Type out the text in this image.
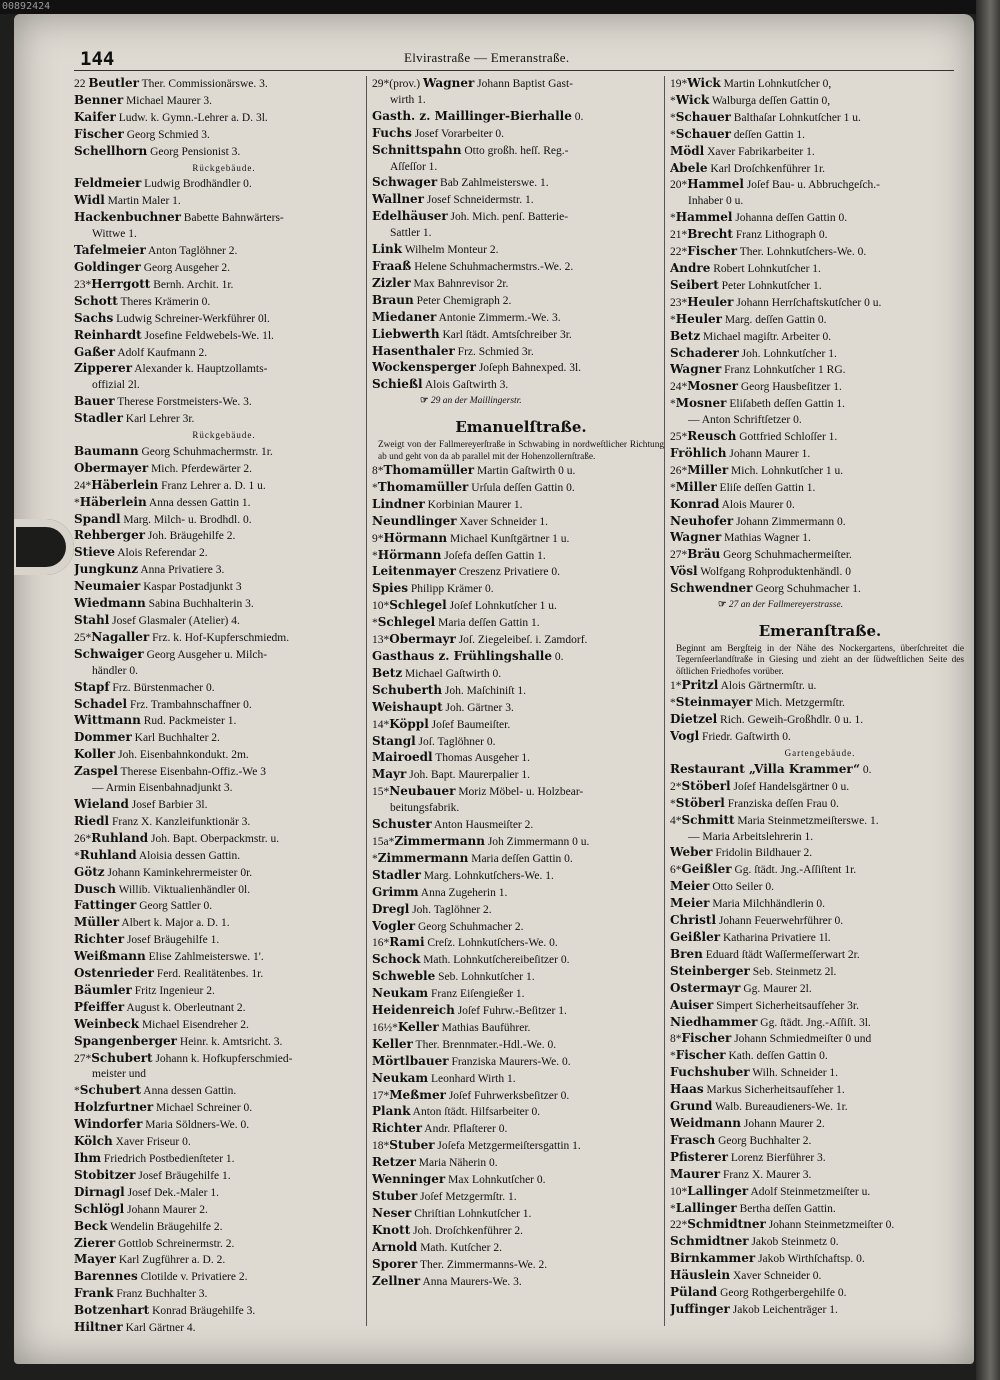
00892424
144	Elvirastraße — Emeranstraße.
22 Beutler Ther. Commissionärswe. 3.
Benner Michael Maurer 3.
Kaifer Ludw. k. Gymn.-Lehrer a. D. 3l.
Fischer Georg Schmied 3.
Schellhorn Georg Pensionist 3.
Rückgebäude.
Feldmeier Ludwig Brodhändler 0.
Widl Martin Maler 1.
Hackenbuchner Babette Bahnwärters-
Wittwe 1.
Tafelmeier Anton Taglöhner 2.
Goldinger Georg Ausgeher 2.
23*Herrgott Bernh. Archit. 1r.
Schott Theres Krämerin 0.
Sachs Ludwig Schreiner-Werkführer 0l.
Reinhardt Josefine Feldwebels-We. 1l.
Gaßer Adolf Kaufmann 2.
Zipperer Alexander k. Hauptzollamts-
offizial 2l.
Bauer Therese Forstmeisters-We. 3.
Stadler Karl Lehrer 3r.
Rückgebäude.
Baumann Georg Schuhmachermstr. 1r.
Obermayer Mich. Pferdewärter 2.
24*Häberlein Franz Lehrer a. D. 1 u.
*Häberlein Anna dessen Gattin 1.
Spandl Marg. Milch- u. Brodhdl. 0.
Rehberger Joh. Bräugehilfe 2.
Stieve Alois Referendar 2.
Jungkunz Anna Privatiere 3.
Neumaier Kaspar Postadjunkt 3
Wiedmann Sabina Buchhalterin 3.
Stahl Josef Glasmaler (Atelier) 4.
25*Nagaller Frz. k. Hof-Kupferschmiedm.
Schwaiger Georg Ausgeher u. Milch-
händler 0.
Stapf Frz. Bürstenmacher 0.
Schadel Frz. Trambahnschaffner 0.
Wittmann Rud. Packmeister 1.
Dommer Karl Buchhalter 2.
Koller Joh. Eisenbahnkondukt. 2m.
Zaspel Therese Eisenbahn-Offiz.-We 3
— Armin Eisenbahnadjunkt 3.
Wieland Josef Barbier 3l.
Riedl Franz X. Kanzleifunktionär 3.
26*Ruhland Joh. Bapt. Oberpackmstr. u.
*Ruhland Aloisia dessen Gattin.
Götz Johann Kaminkehrermeister 0r.
Dusch Willib. Viktualienhändler 0l.
Fattinger Georg Sattler 0.
Müller Albert k. Major a. D. 1.
Richter Josef Bräugehilfe 1.
Weißmann Elise Zahlmeisterswe. 1'.
Ostenrieder Ferd. Realitätenbes. 1r.
Bäumler Fritz Ingenieur 2.
Pfeiffer August k. Oberleutnant 2.
Weinbeck Michael Eisendreher 2.
Spangenberger Heinr. k. Amtsricht. 3.
27*Schubert Johann k. Hofkupferschmied-
meister und
*Schubert Anna dessen Gattin.
Holzfurtner Michael Schreiner 0.
Windorfer Maria Söldners-We. 0.
Kölch Xaver Friseur 0.
Ihm Friedrich Postbedienſteter 1.
Stobitzer Josef Bräugehilfe 1.
Dirnagl Josef Dek.-Maler 1.
Schlögl Johann Maurer 2.
Beck Wendelin Bräugehilfe 2.
Zierer Gottlob Schreinermstr. 2.
Mayer Karl Zugführer a. D. 2.
Barennes Clotilde v. Privatiere 2.
Frank Franz Buchhalter 3.
Botzenhart Konrad Bräugehilfe 3.
Hiltner Karl Gärtner 4.
29*(prov.) Wagner Johann Baptist Gast-
wirth 1.
Gasth. z. Maillinger-Bierhalle 0.
Fuchs Josef Vorarbeiter 0.
Schnittspahn Otto großh. heſſ. Reg.-
Aſſeſſor 1.
Schwager Bab Zahlmeisterswe. 1.
Wallner Josef Schneidermstr. 1.
Edelhäuser Joh. Mich. penſ. Batterie-
Sattler 1.
Link Wilhelm Monteur 2.
Fraaß Helene Schuhmachermstrs.-We. 2.
Zizler Max Bahnrevisor 2r.
Braun Peter Chemigraph 2.
Miedaner Antonie Zimmerm.-We. 3.
Liebwerth Karl ſtädt. Amtsſchreiber 3r.
Hasenthaler Frz. Schmied 3r.
Wockensperger Joſeph Bahnexped. 3l.
Schießl Alois Gaſtwirth 3.
☞ 29 an der Maillingerstr.
Emanuelſtraße.
Zweigt von der Fallmereyerſtraße in Schwabing in nordweſtlicher Richtung ab und geht von da ab parallel mit der Hohenzollernſtraße.
8*Thomamüller Martin Gaſtwirth 0 u.
*Thomamüller Urſula deſſen Gattin 0.
Lindner Korbinian Maurer 1.
Neundlinger Xaver Schneider 1.
9*Hörmann Michael Kunſtgärtner 1 u.
*Hörmann Joſefa deſſen Gattin 1.
Leitenmayer Creszenz Privatiere 0.
Spies Philipp Krämer 0.
10*Schlegel Joſef Lohnkutſcher 1 u.
*Schlegel Maria deſſen Gattin 1.
13*Obermayr Joſ. Ziegeleibeſ. i. Zamdorf.
Gasthaus z. Frühlingshalle 0.
Betz Michael Gaſtwirth 0.
Schuberth Joh. Maſchiniſt 1.
Weishaupt Joh. Gärtner 3.
14*Köppl Joſef Baumeiſter.
Stangl Joſ. Taglöhner 0.
Mairoedl Thomas Ausgeher 1.
Mayr Joh. Bapt. Maurerpalier 1.
15*Neubauer Moriz Möbel- u. Holzbear-
beitungsfabrik.
Schuster Anton Hausmeiſter 2.
15a*Zimmermann Joh Zimmermann 0 u.
*Zimmermann Maria deſſen Gattin 0.
Stadler Marg. Lohnkutſchers-We. 1.
Grimm Anna Zugeherin 1.
Dregl Joh. Taglöhner 2.
Vogler Georg Schuhmacher 2.
16*Rami Creſz. Lohnkutſchers-We. 0.
Schock Math. Lohnkutſchereibeſitzer 0.
Schweble Seb. Lohnkutſcher 1.
Neukam Franz Eiſengießer 1.
Heidenreich Joſef Fuhrw.-Beſitzer 1.
16½*Keller Mathias Bauführer.
Keller Ther. Brennmater.-Hdl.-We. 0.
Mörtlbauer Franziska Maurers-We. 0.
Neukam Leonhard Wirth 1.
17*Meßmer Joſef Fuhrwerksbeſitzer 0.
Plank Anton ſtädt. Hilfsarbeiter 0.
Richter Andr. Pflaſterer 0.
18*Stuber Joſefa Metzgermeiſtersgattin 1.
Retzer Maria Näherin 0.
Wenninger Max Lohnkutſcher 0.
Stuber Joſef Metzgermſtr. 1.
Neser Chriſtian Lohnkutſcher 1.
Knott Joh. Droſchkenführer 2.
Arnold Math. Kutſcher 2.
Sporer Ther. Zimmermanns-We. 2.
Zellner Anna Maurers-We. 3.
19*Wick Martin Lohnkutſcher 0,
*Wick Walburga deſſen Gattin 0,
*Schauer Balthaſar Lohnkutſcher 1 u.
*Schauer deſſen Gattin 1.
Mödl Xaver Fabrikarbeiter 1.
Abele Karl Droſchkenführer 1r.
20*Hammel Joſef Bau- u. Abbruchgeſch.-
Inhaber 0 u.
*Hammel Johanna deſſen Gattin 0.
21*Brecht Franz Lithograph 0.
22*Fischer Ther. Lohnkutſchers-We. 0.
Andre Robert Lohnkutſcher 1.
Seibert Peter Lohnkutſcher 1.
23*Heuler Johann Herrſchaftskutſcher 0 u.
*Heuler Marg. deſſen Gattin 0.
Betz Michael magiſtr. Arbeiter 0.
Schaderer Joh. Lohnkutſcher 1.
Wagner Franz Lohnkutſcher 1 RG.
24*Mosner Georg Hausbeſitzer 1.
*Mosner Eliſabeth deſſen Gattin 1.
— Anton Schriftſetzer 0.
25*Reusch Gottfried Schloſſer 1.
Fröhlich Johann Maurer 1.
26*Miller Mich. Lohnkutſcher 1 u.
*Miller Eliſe deſſen Gattin 1.
Konrad Alois Maurer 0.
Neuhofer Johann Zimmermann 0.
Wagner Mathias Wagner 1.
27*Bräu Georg Schuhmachermeiſter.
Vösl Wolfgang Rohproduktenhändl. 0
Schwendner Georg Schuhmacher 1.
☞ 27 an der Fallmereyerstrasse.
Emeranſtraße.
Beginnt am Bergſteig in der Nähe des Nockergartens, überſchreitet die Tegernſeerlandſtraße in Giesing und zieht an der ſüdweſtlichen Seite des öſtlichen Friedhofes vorüber.
1*Pritzl Alois Gärtnermſtr. u.
*Steinmayer Mich. Metzgermſtr.
Dietzel Rich. Geweih-Großhdlr. 0 u. 1.
Vogl Friedr. Gaſtwirth 0.
Gartengebäude.
Restaurant „Villa Krammer“ 0.
2*Stöberl Joſef Handelsgärtner 0 u.
*Stöberl Franziska deſſen Frau 0.
4*Schmitt Maria Steinmetzmeiſterswe. 1.
— Maria Arbeitslehrerin 1.
Weber Fridolin Bildhauer 2.
6*Geißler Gg. ſtädt. Jng.-Aſſiſtent 1r.
Meier Otto Seiler 0.
Meier Maria Milchhändlerin 0.
Christl Johann Feuerwehrführer 0.
Geißler Katharina Privatiere 1l.
Bren Eduard ſtädt Waſſermeſſerwart 2r.
Steinberger Seb. Steinmetz 2l.
Ostermayr Gg. Maurer 2l.
Auiser Simpert Sicherheitsaufſeher 3r.
Niedhammer Gg. ſtädt. Jng.-Aſſiſt. 3l.
8*Fischer Johann Schmiedmeiſter 0 und
*Fischer Kath. deſſen Gattin 0.
Fuchshuber Wilh. Schneider 1.
Haas Markus Sicherheitsaufſeher 1.
Grund Walb. Bureaudieners-We. 1r.
Weidmann Johann Maurer 2.
Frasch Georg Buchhalter 2.
Pfisterer Lorenz Bierführer 3.
Maurer Franz X. Maurer 3.
10*Lallinger Adolf Steinmetzmeiſter u.
*Lallinger Bertha deſſen Gattin.
22*Schmidtner Johann Steinmetzmeiſter 0.
Schmidtner Jakob Steinmetz 0.
Birnkammer Jakob Wirthſchaftsp. 0.
Häuslein Xaver Schneider 0.
Püland Georg Rothgerbergehilfe 0.
Juffinger Jakob Leichenträger 1.
